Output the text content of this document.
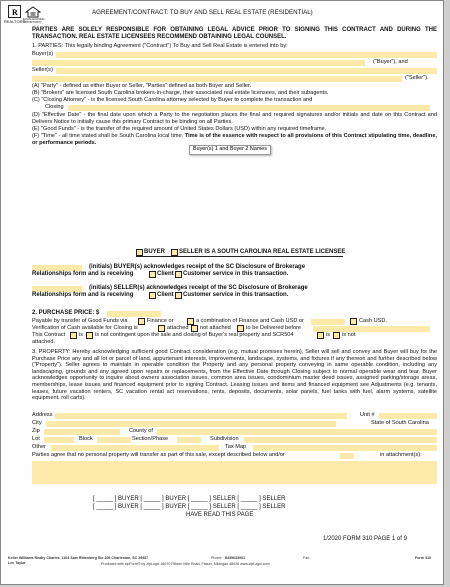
R
REALTOR®
EQUAL HOUSING OPPORTUNITY
AGREEMENT/CONTRACT: TO BUY AND SELL REAL ESTATE (RESIDENTIAL)
PARTIES ARE SOLELY RESPONSIBLE FOR OBTAINING LEGAL ADVICE PRIOR TO SIGNING THIS CONTRACT AND DURING THE TRANSACTION. REAL ESTATE LICENSEES RECOMMEND OBTAINING LEGAL COUNSEL.
1. PARTIES: This legally binding Agreement ("Contract") To Buy and Sell Real Estate is entered into by:
Buyer(s)
("Buyer"), and
Seller(s)
("Seller").
(A) "Party" - defined as either Buyer or Seller, "Parties" defined as both Buyer and Seller.
(B) "Brokers" are licensed South Carolina brokers-in-charge, their associated real estate licensees, and their subagents.
(C) "Closing Attorney" - is the licensed South Carolina attorney selected by Buyer to complete the transaction and
Closing
(D) "Effective Date" - the final date upon which a Party to the negotiation places the final and required signatures and/or initials and date on this Contract and Delivers Notice to initially cause this primary Contract to be binding on all Parties.
(E) "Good Funds" - is the transfer of the required amount of United States Dollars (USD) within any required timeframe.
(F) "Time" - all time stated shall be South Carolina local time. Time is of the essence with respect to all provisions of this Contract stipulating time, deadline, or performance periods.
Buyer(s) 1 and Buyer 2 Names
BUYER SELLER IS A SOUTH CAROLINA REAL ESTATE LICENSEE
(initials) BUYER(s) acknowledges receipt of the SC Disclosure of Brokerage
Relationships form and is receiving	Client Customer service in this transaction.
(initials) SELLER(s) acknowledges receipt of the SC Disclosure of Brokerage
Relationships form and is receiving	Client Customer service in this transaction.
2. PURCHASE PRICE: $
Payable by transfer of Good Funds via	Finance or	a combination of Finance and Cash USD or	Cash USD.
Verification of Cash available for Closing is	attached not attached	to be Delivered before
This Contract is is not contingent upon the sale and closing of Buyer's real property and SCR504	is is not
attached.
3. PROPERTY: Hereby acknowledging sufficient good Contract consideration (e.g. mutual promises herein), Seller will sell and convey and Buyer will buy for the Purchase Price any and all lot or parcel of land, appurtenant interests, improvements, landscape, systems, and fixtures if any thereon and further described below ("Property"). Seller agrees to maintain in operable condition the Property and any personal property conveying in same operable condition, including any landscaping, grounds and any agreed upon repairs or replacements, from the Effective Date through Closing subject to normal operable wear and tear. Buyer acknowledges opportunity to inquire about owners association issues, common area issues, condominium master deed issues, assigned parking/storage areas, memberships, lease issues and financed equipment prior to signing Contract. Leasing issues and items and financed equipment see Adjustments (e.g. tenants, leases, future vacation renters, SC vacation rental act reservations, rents, deposits, documents, solar panels, fuel tanks with fuel, alarm systems, satellite equipment, roll carts).
Address	Unit #
City	State of South Carolina
Zip	County of
Lot	Block	Section/Phase	Subdivision
Other	Tax Map
Parties agree that no personal property will transfer as part of this sale, except described below and/or	in attachment(s):
[ _____ ] BUYER [ _____ ] BUYER [ _____ ] SELLER [ _____ ] SELLER
[ _____ ] BUYER [ _____ ] BUYER [ _____ ] SELLER [ _____ ] SELLER
HAVE READ THIS PAGE
1/2020 FORM 310 PAGE 1 of 9
Keller Williams Realty Charles, 1104 Sam Rittenberg Ste 205 Charleston, SC 29407
Lee Taylor
Phone: 8435633901	Fax:	Form 310
Produced with zipForm® by zipLogix 18070 Fifteen Mile Road, Fraser, Michigan 48026 www.zipLogix.com
